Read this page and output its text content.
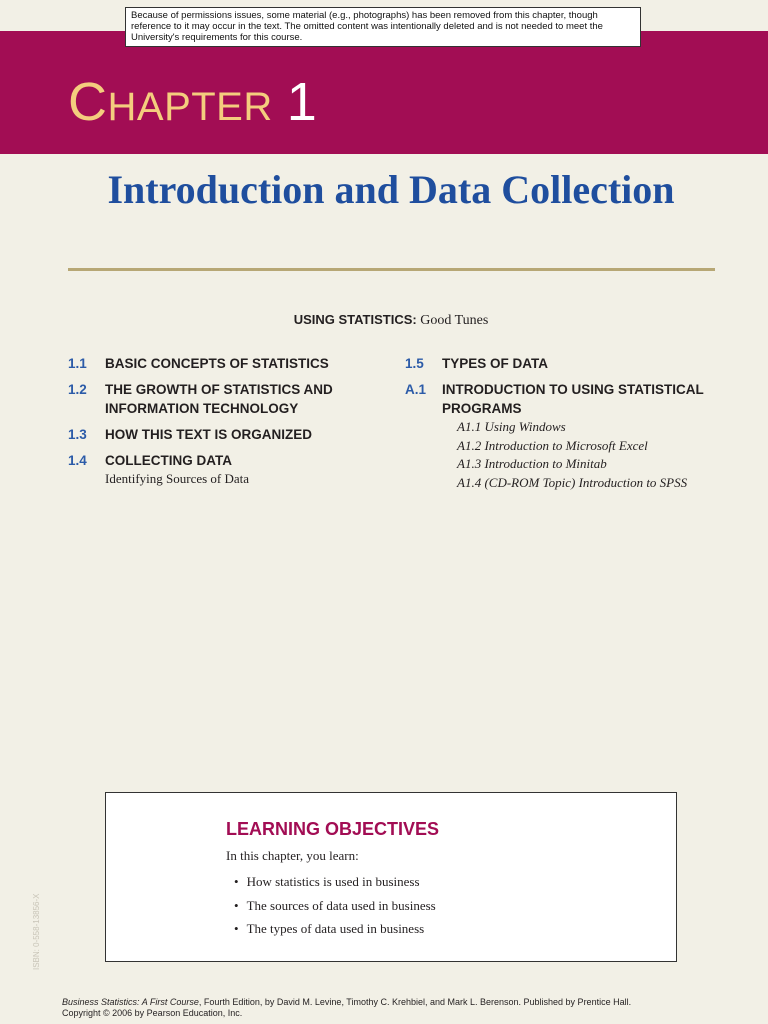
Because of permissions issues, some material (e.g., photographs) has been removed from this chapter, though reference to it may occur in the text. The omitted content was intentionally deleted and is not needed to meet the University's requirements for this course.
CHAPTER 1
Introduction and Data Collection
USING STATISTICS: Good Tunes
1.1 BASIC CONCEPTS OF STATISTICS
1.2 THE GROWTH OF STATISTICS AND INFORMATION TECHNOLOGY
1.3 HOW THIS TEXT IS ORGANIZED
1.4 COLLECTING DATA
Identifying Sources of Data
1.5 TYPES OF DATA
A.1 INTRODUCTION TO USING STATISTICAL PROGRAMS
A1.1 Using Windows
A1.2 Introduction to Microsoft Excel
A1.3 Introduction to Minitab
A1.4 (CD-ROM Topic) Introduction to SPSS
LEARNING OBJECTIVES
In this chapter, you learn:
• How statistics is used in business
• The sources of data used in business
• The types of data used in business
ISBN: 0-558-13856-X
Business Statistics: A First Course, Fourth Edition, by David M. Levine, Timothy C. Krehbiel, and Mark L. Berenson. Published by Prentice Hall.
Copyright © 2006 by Pearson Education, Inc.
